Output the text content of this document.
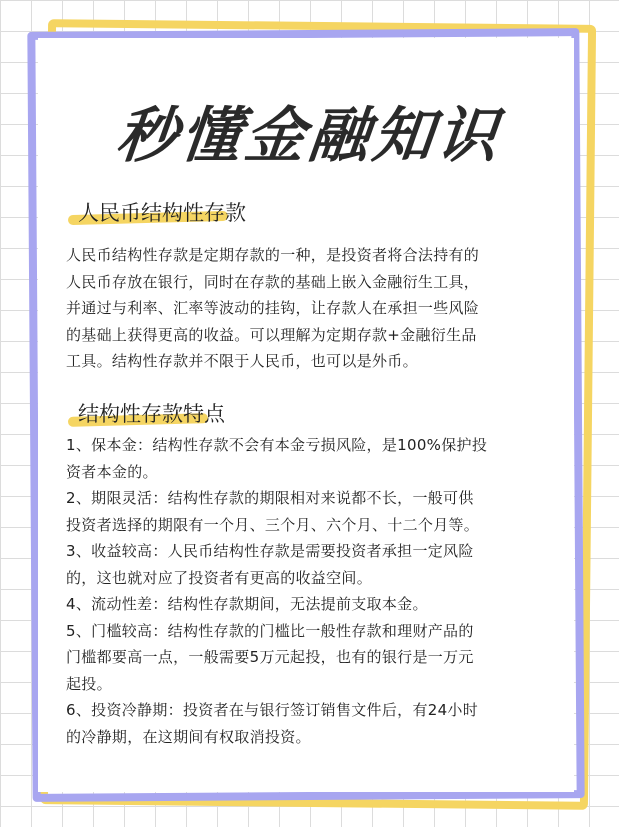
秒懂金融知识
人民币结构性存款
人民币结构性存款是定期存款的一种，是投资者将合法持有的
人民币存放在银行，同时在存款的基础上嵌入金融衍生工具，
并通过与利率、汇率等波动的挂钩，让存款人在承担一些风险
的基础上获得更高的收益。可以理解为定期存款+金融衍生品
工具。结构性存款并不限于人民币，也可以是外币。
结构性存款特点
1、保本金：结构性存款不会有本金亏损风险，是100%保护投
资者本金的。
2、期限灵活：结构性存款的期限相对来说都不长，一般可供
投资者选择的期限有一个月、三个月、六个月、十二个月等。
3、收益较高：人民币结构性存款是需要投资者承担一定风险
的，这也就对应了投资者有更高的收益空间。
4、流动性差：结构性存款期间，无法提前支取本金。
5、门槛较高：结构性存款的门槛比一般性存款和理财产品的
门槛都要高一点，一般需要5万元起投，也有的银行是一万元
起投。
6、投资冷静期：投资者在与银行签订销售文件后，有24小时
的冷静期，在这期间有权取消投资。
